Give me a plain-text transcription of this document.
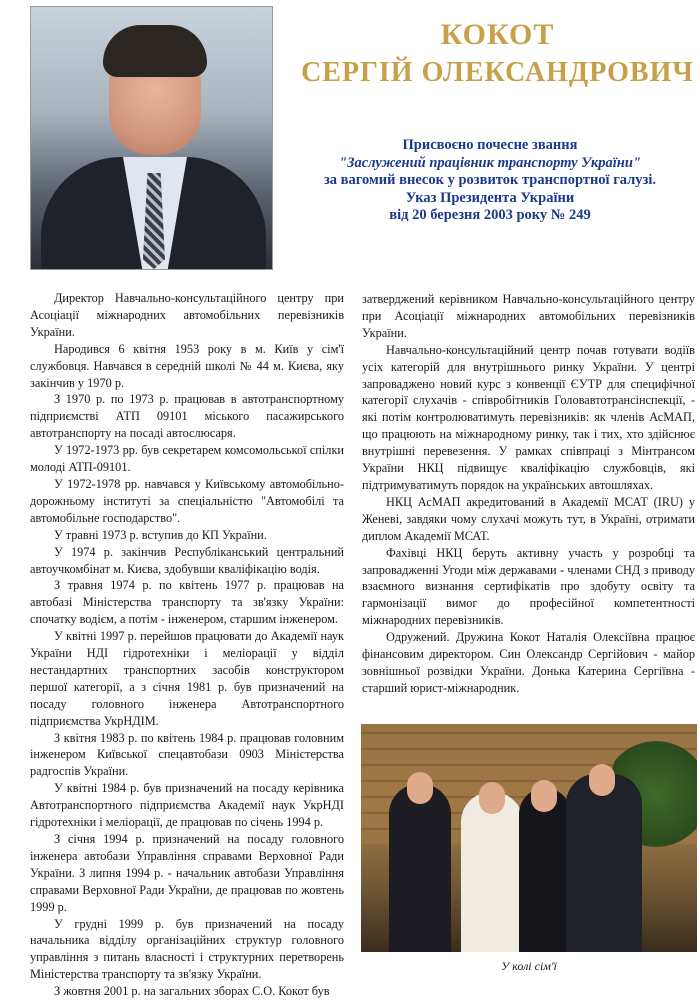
КОКОТ
СЕРГІЙ ОЛЕКСАНДРОВИЧ
Присвоєно почесне звання
"Заслужений працівник транспорту України"
за вагомий внесок у розвиток транспортної галузі.
Указ Президента України
від 20 березня 2003 року № 249

Директор Навчально-консультаційного центру при Асоціації міжнародних автомобільних перевізників України.

Народився 6 квітня 1953 року в м. Київ у сім'ї службовця. Навчався в середній школі № 44 м. Києва, яку закінчив у 1970 р.

З 1970 р. по 1973 р. працював в автотранспортному підприємстві АТП 09101 міського пасажирського автотранспорту на посаді автослюсаря.

У 1972-1973 рр. був секретарем комсомольської спілки молоді АТП-09101.

У 1972-1978 рр. навчався у Київському автомобільно-дорожньому інституті за спеціальністю "Автомобілі та автомобільне господарство".

У травні 1973 р. вступив до КП України.

У 1974 р. закінчив Республіканський центральний автоучкомбінат м. Києва, здобувши кваліфікацію водія.

З травня 1974 р. по квітень 1977 р. працював на автобазі Міністерства транспорту та зв'язку України: спочатку водієм, а потім - інженером, старшим інженером.

У квітні 1997 р. перейшов працювати до Академії наук України НДІ гідротехніки і меліорації у відділ нестандартних транспортних засобів конструктором першої категорії, а з січня 1981 р. був призначений на посаду головного інженера Автотранспортного підприємства УкрНДІМ.

З квітня 1983 р. по квітень 1984 р. працював головним інженером Київської спецавтобази 0903 Міністерства радгоспів України.

У квітні 1984 р. був призначений на посаду керівника Автотранспортного підприємства Академії наук УкрНДІ гідротехніки і меліорації, де працював по січень 1994 р.

З січня 1994 р. призначений на посаду головного інженера автобази Управління справами Верховної Ради України. З липня 1994 р. - начальник автобази Управління справами Верховної Ради України, де працював по жовтень 1999 р.

У грудні 1999 р. був призначений на посаду начальника відділу організаційних структур головного управління з питань власності і структурних перетворень Міністерства транспорту та зв'язку України.

З жовтня 2001 р. на загальних зборах С.О. Кокот був

затверджений керівником Навчально-консультаційного центру при Асоціації міжнародних автомобільних перевізників України.

Навчально-консультаційний центр почав готувати водіїв усіх категорій для внутрішнього ринку України. У центрі запроваджено новий курс з конвенції ЄУТР для специфічної категорії слухачів - співробітників Головавтотрансінспекції, - які потім контролюватимуть перевізників: як членів АсМАП, що працюють на міжнародному ринку, так і тих, хто здійснює внутрішні перевезення. У рамках співпраці з Мінтрансом України НКЦ підвищує кваліфікацію службовців, які підтримуватимуть порядок на українських автошляхах.

НКЦ АсМАП акредитований в Академії МСАТ (IRU) у Женеві, завдяки чому слухачі можуть тут, в Україні, отримати диплом Академії МСАТ.

Фахівці НКЦ беруть активну участь у розробці та запровадженні Угоди між державами - членами СНД з приводу взаємного визнання сертифікатів про здобуту освіту та гармонізації вимог до професійної компетентності міжнародних перевізників.

Одружений. Дружина Кокот Наталія Олексіївна працює фінансовим директором. Син Олександр Сергійович - майор зовнішньої розвідки України. Донька Катерина Сергіївна - старший юрист-міжнародник.

У колі сім'ї
